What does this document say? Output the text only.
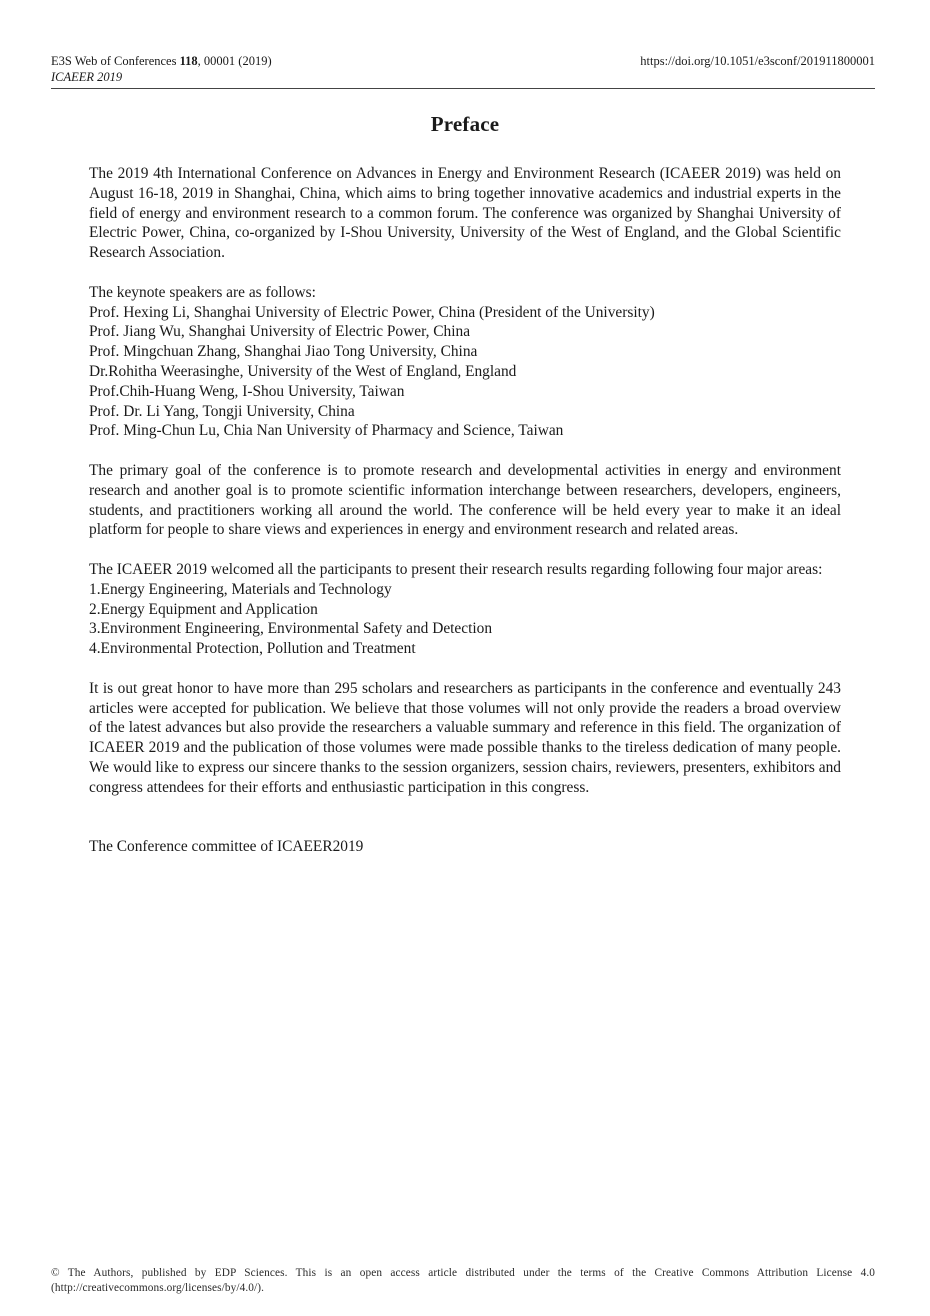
E3S Web of Conferences 118, 00001 (2019)	https://doi.org/10.1051/e3sconf/201911800001
ICAEER 2019
Preface

The 2019 4th International Conference on Advances in Energy and Environment Research (ICAEER 2019) was held on August 16-18, 2019 in Shanghai, China, which aims to bring together innovative academics and industrial experts in the field of energy and environment research to a common forum. The conference was organized by Shanghai University of Electric Power, China, co-organized by I-Shou University, University of the West of England, and the Global Scientific Research Association.

The keynote speakers are as follows:
Prof. Hexing Li, Shanghai University of Electric Power, China (President of the University)
Prof. Jiang Wu, Shanghai University of Electric Power, China
Prof. Mingchuan Zhang, Shanghai Jiao Tong University, China
Dr.Rohitha Weerasinghe, University of the West of England, England
Prof.Chih-Huang Weng, I-Shou University, Taiwan
Prof. Dr. Li Yang, Tongji University, China
Prof. Ming-Chun Lu, Chia Nan University of Pharmacy and Science, Taiwan

The primary goal of the conference is to promote research and developmental activities in energy and environment research and another goal is to promote scientific information interchange between researchers, developers, engineers, students, and practitioners working all around the world. The conference will be held every year to make it an ideal platform for people to share views and experiences in energy and environment research and related areas.

The ICAEER 2019 welcomed all the participants to present their research results regarding following four major areas:

1.Energy Engineering, Materials and Technology
2.Energy Equipment and Application
3.Environment Engineering, Environmental Safety and Detection
4.Environmental Protection, Pollution and Treatment

It is out great honor to have more than 295 scholars and researchers as participants in the conference and eventually 243 articles were accepted for publication. We believe that those volumes will not only provide the readers a broad overview of the latest advances but also provide the researchers a valuable summary and reference in this field. The organization of ICAEER 2019 and the publication of those volumes were made possible thanks to the tireless dedication of many people. We would like to express our sincere thanks to the session organizers, session chairs, reviewers, presenters, exhibitors and congress attendees for their efforts and enthusiastic participation in this congress.

The Conference committee of ICAEER2019
© The Authors, published by EDP Sciences. This is an open access article distributed under the terms of the Creative Commons Attribution License 4.0 (http://creativecommons.org/licenses/by/4.0/).
